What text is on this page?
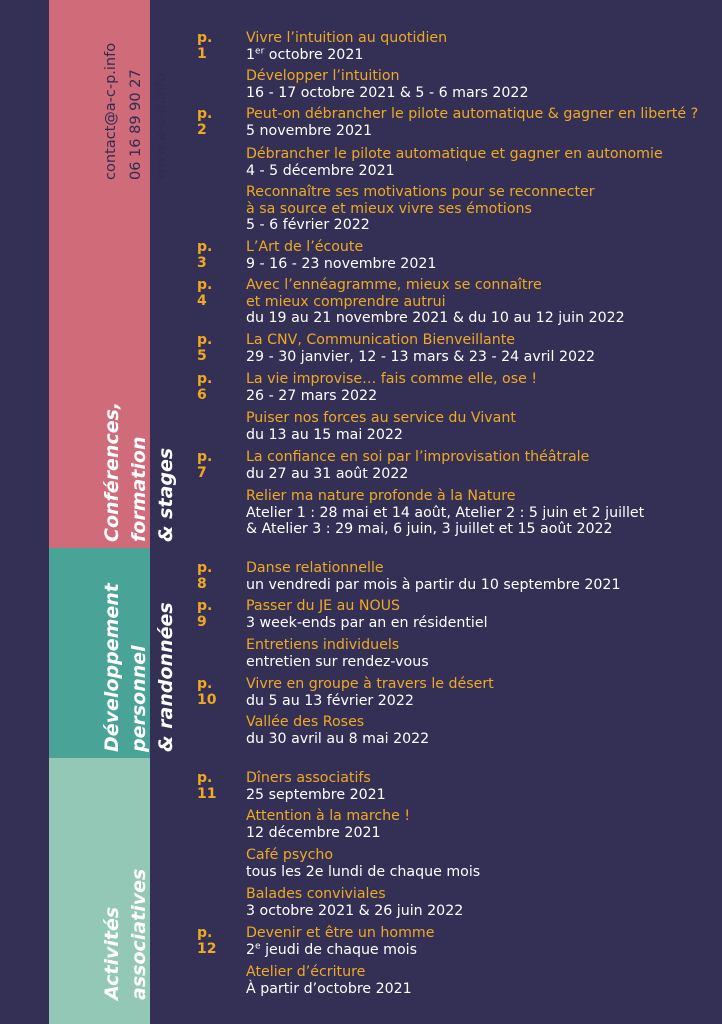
contact@a-c-p.info 06 16 89 90 27 www.a-c-p.info
Conférences, formation & stages
Développement personnel & randonnées
Activités associatives
p. 1
Vivre l’intuition au quotidien
1er octobre 2021
Développer l’intuition
16 - 17 octobre 2021 & 5 - 6 mars 2022
p. 2
Peut-on débrancher le pilote automatique & gagner en liberté ?
5 novembre 2021
Débrancher le pilote automatique et gagner en autonomie
4 - 5 décembre 2021
Reconnaître ses motivations pour se reconnecter
à sa source et mieux vivre ses émotions
5 - 6 février 2022
p. 3
L’Art de l’écoute
9 - 16 - 23 novembre 2021
p. 4
Avec l’ennéagramme, mieux se connaître
et mieux comprendre autrui
du 19 au 21 novembre 2021 & du 10 au 12 juin 2022
p. 5
La CNV, Communication Bienveillante
29 - 30 janvier, 12 - 13 mars & 23 - 24 avril 2022
p. 6
La vie improvise… fais comme elle, ose !
26 - 27 mars 2022
Puiser nos forces au service du Vivant
du 13 au 15 mai 2022
p. 7
La confiance en soi par l’improvisation théâtrale
du 27 au 31 août 2022
Relier ma nature profonde à la Nature
Atelier 1 : 28 mai et 14 août, Atelier 2 : 5 juin et 2 juillet
& Atelier 3 : 29 mai, 6 juin, 3 juillet et 15 août 2022
p. 8
Danse relationnelle
un vendredi par mois à partir du 10 septembre 2021
p. 9
Passer du JE au NOUS
3 week-ends par an en résidentiel
Entretiens individuels
entretien sur rendez-vous
p. 10
Vivre en groupe à travers le désert
du 5 au 13 février 2022
Vallée des Roses
du 30 avril au 8 mai 2022
p. 11
Dîners associatifs
25 septembre 2021
Attention à la marche !
12 décembre 2021
Café psycho
tous les 2e lundi de chaque mois
Balades conviviales
3 octobre 2021 & 26 juin 2022
p. 12
Devenir et être un homme
2e jeudi de chaque mois
Atelier d’écriture
À partir d’octobre 2021
